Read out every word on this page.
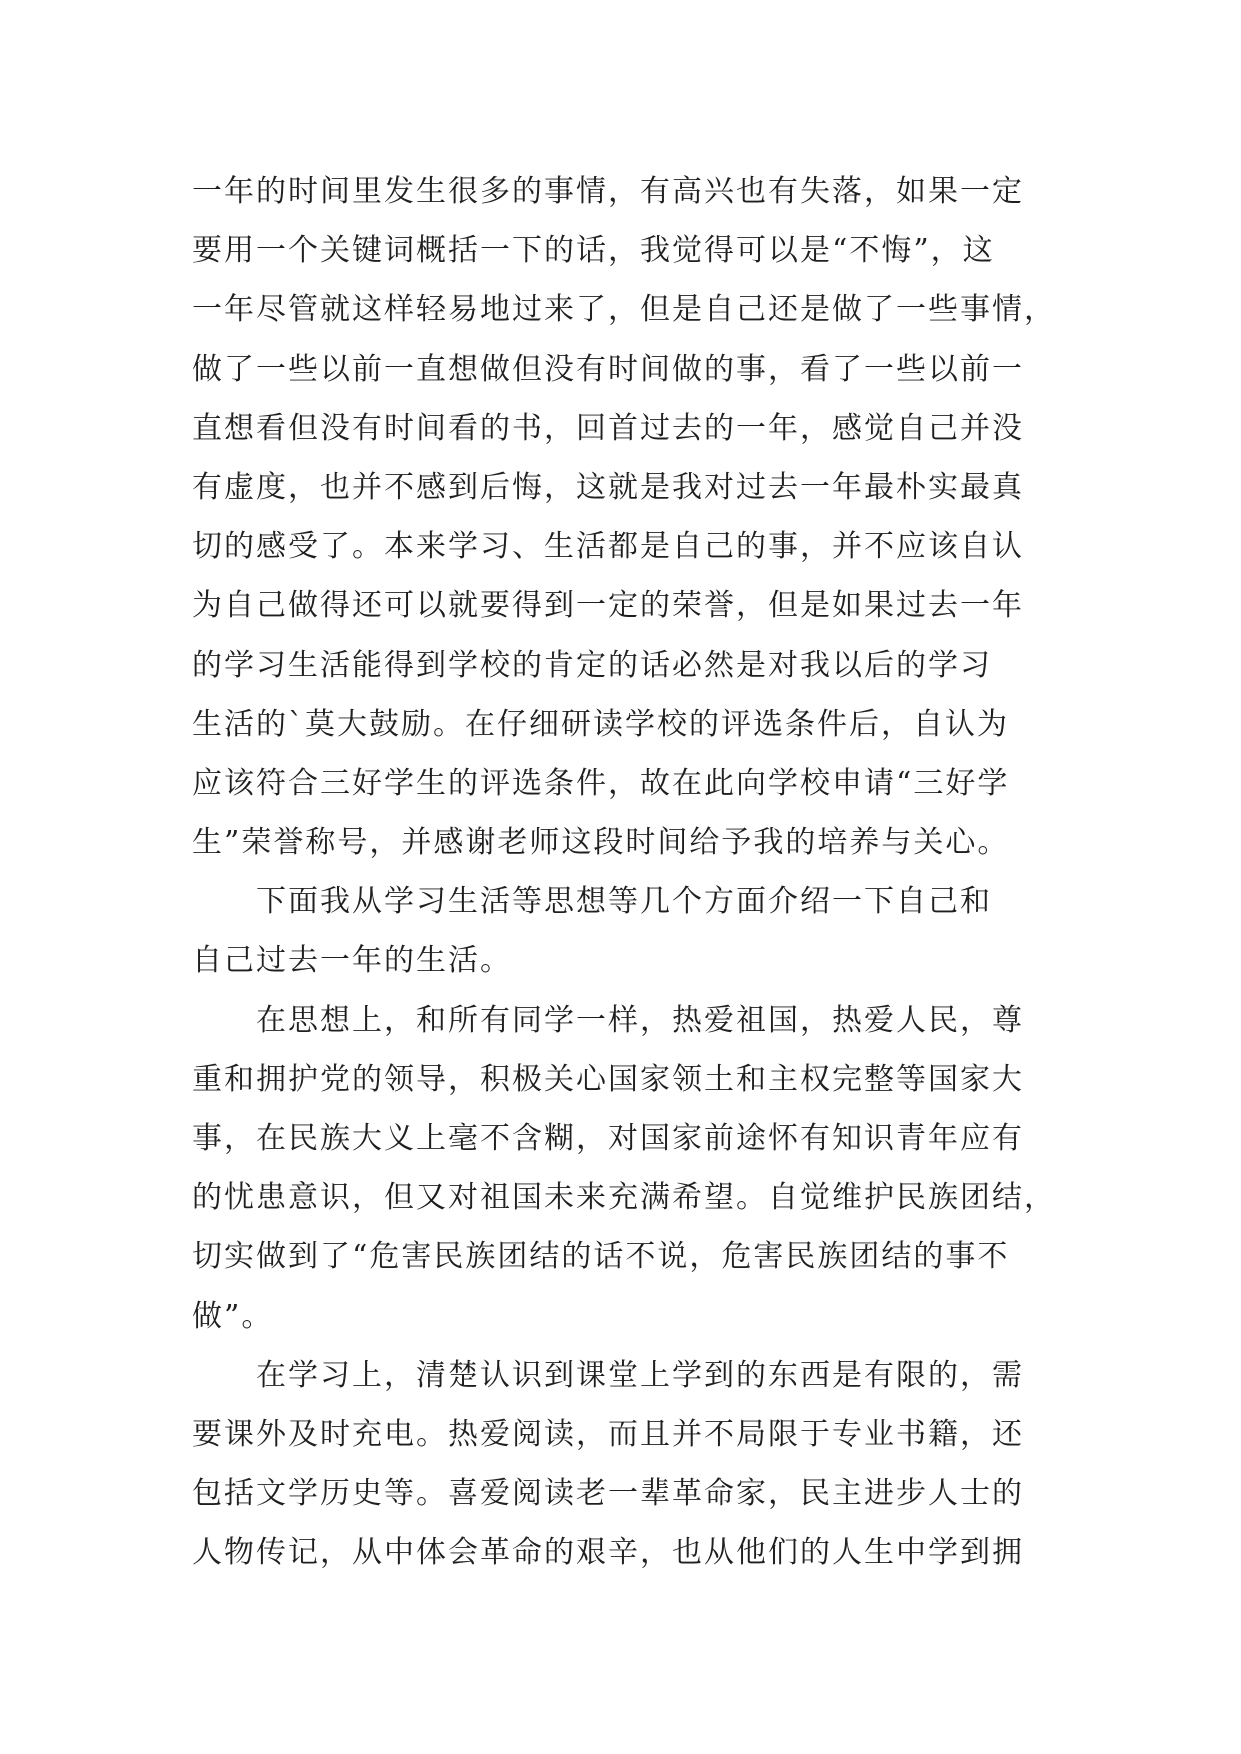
一年的时间里发生很多的事情，有高兴也有失落，如果一定
要用一个关键词概括一下的话，我觉得可以是“不悔”，这
一年尽管就这样轻易地过来了，但是自己还是做了一些事情，
做了一些以前一直想做但没有时间做的事，看了一些以前一
直想看但没有时间看的书，回首过去的一年，感觉自己并没
有虚度，也并不感到后悔，这就是我对过去一年最朴实最真
切的感受了。本来学习、生活都是自己的事，并不应该自认
为自己做得还可以就要得到一定的荣誉，但是如果过去一年
的学习生活能得到学校的肯定的话必然是对我以后的学习
生活的`莫大鼓励。在仔细研读学校的评选条件后，自认为
应该符合三好学生的评选条件，故在此向学校申请“三好学
生”荣誉称号，并感谢老师这段时间给予我的培养与关心。
下面我从学习生活等思想等几个方面介绍一下自己和
自己过去一年的生活。
在思想上，和所有同学一样，热爱祖国，热爱人民，尊
重和拥护党的领导，积极关心国家领土和主权完整等国家大
事，在民族大义上毫不含糊，对国家前途怀有知识青年应有
的忧患意识，但又对祖国未来充满希望。自觉维护民族团结，
切实做到了“危害民族团结的话不说，危害民族团结的事不
做”。
在学习上，清楚认识到课堂上学到的东西是有限的，需
要课外及时充电。热爱阅读，而且并不局限于专业书籍，还
包括文学历史等。喜爱阅读老一辈革命家，民主进步人士的
人物传记，从中体会革命的艰辛，也从他们的人生中学到拥
